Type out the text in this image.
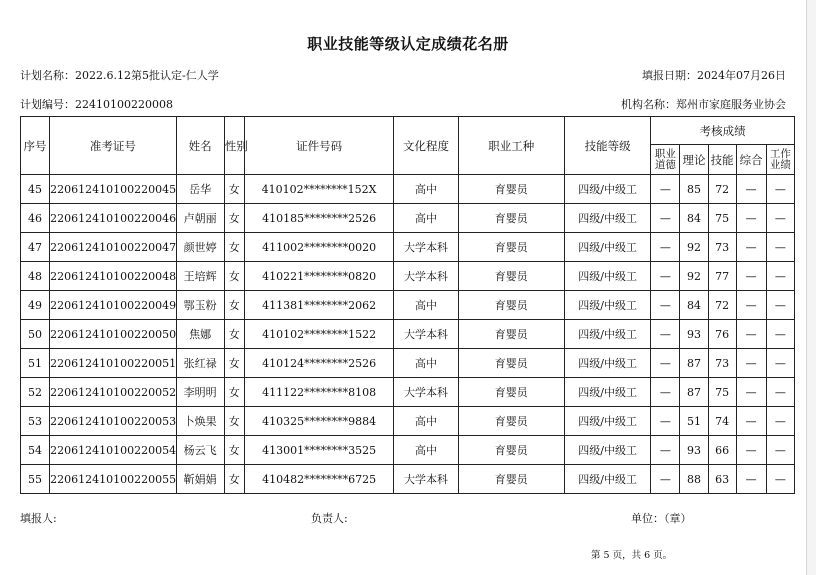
职业技能等级认定成绩花名册
计划名称：2022.6.12第5批认定-仁人学	填报日期：2024年07月26日
计划编号：22410100220008	机构名称：郑州市家庭服务业协会
序号	准考证号	姓名	性别	证件号码	文化程度	职业工种	技能等级	考核成绩				
								职业道德	理论	技能	综合	工作业绩
45	220612410100220045	岳华	女	410102********152X	高中	育婴员	四级/中级工	—	85	72	—	—
46	220612410100220046	卢朝丽	女	410185********2526	高中	育婴员	四级/中级工	—	84	75	—	—
47	220612410100220047	颜世婷	女	411002********0020	大学本科	育婴员	四级/中级工	—	92	73	—	—
48	220612410100220048	王培辉	女	410221********0820	大学本科	育婴员	四级/中级工	—	92	77	—	—
49	220612410100220049	鄂玉粉	女	411381********2062	高中	育婴员	四级/中级工	—	84	72	—	—
50	220612410100220050	焦娜	女	410102********1522	大学本科	育婴员	四级/中级工	—	93	76	—	—
51	220612410100220051	张红禄	女	410124********2526	高中	育婴员	四级/中级工	—	87	73	—	—
52	220612410100220052	李明明	女	411122********8108	大学本科	育婴员	四级/中级工	—	87	75	—	—
53	220612410100220053	卜焕果	女	410325********9884	高中	育婴员	四级/中级工	—	51	74	—	—
54	220612410100220054	杨云飞	女	413001********3525	高中	育婴员	四级/中级工	—	93	66	—	—
55	220612410100220055	靳娟娟	女	410482********6725	大学本科	育婴员	四级/中级工	—	88	63	—	—
填报人:	负责人:	单位：（章）
第 5 页，共 6 页。
